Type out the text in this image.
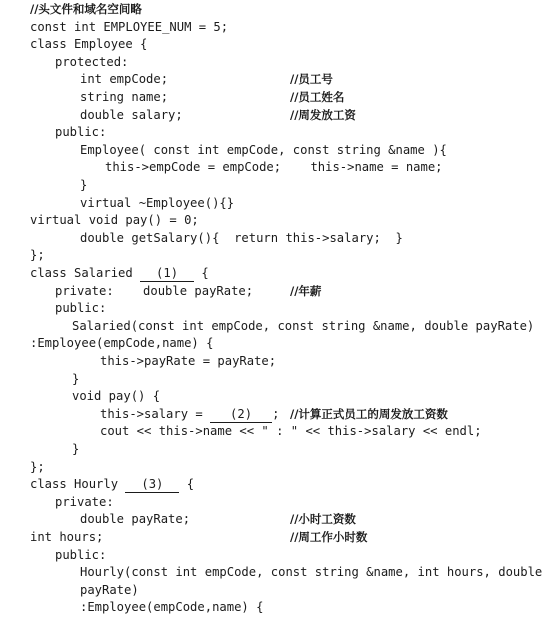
//头文件和域名空间略
const int EMPLOYEE_NUM = 5;
class Employee {
protected:
int empCode;	//员工号
string name;	//员工姓名
double salary;	//周发放工资
public:
Employee( const int empCode, const string &name ){
this->empCode = empCode;    this->name = name;
}
virtual ~Employee(){}
virtual void pay() = 0;
double getSalary(){  return this->salary;  }
};
class Salaried (1) {
private:    double payRate;	//年薪
public:
Salaried(const int empCode, const string &name, double payRate)
:Employee(empCode,name) {
this->payRate = payRate;
}
void pay() {
this->salary = (2) ; //计算正式员工的周发放工资数
cout << this->name << " : " << this->salary << endl;
}
};
class Hourly (3) {
private:
double payRate;	//小时工资数
int hours;	//周工作小时数
public:
Hourly(const int empCode, const string &name, int hours, double
payRate)
:Employee(empCode,name) {
